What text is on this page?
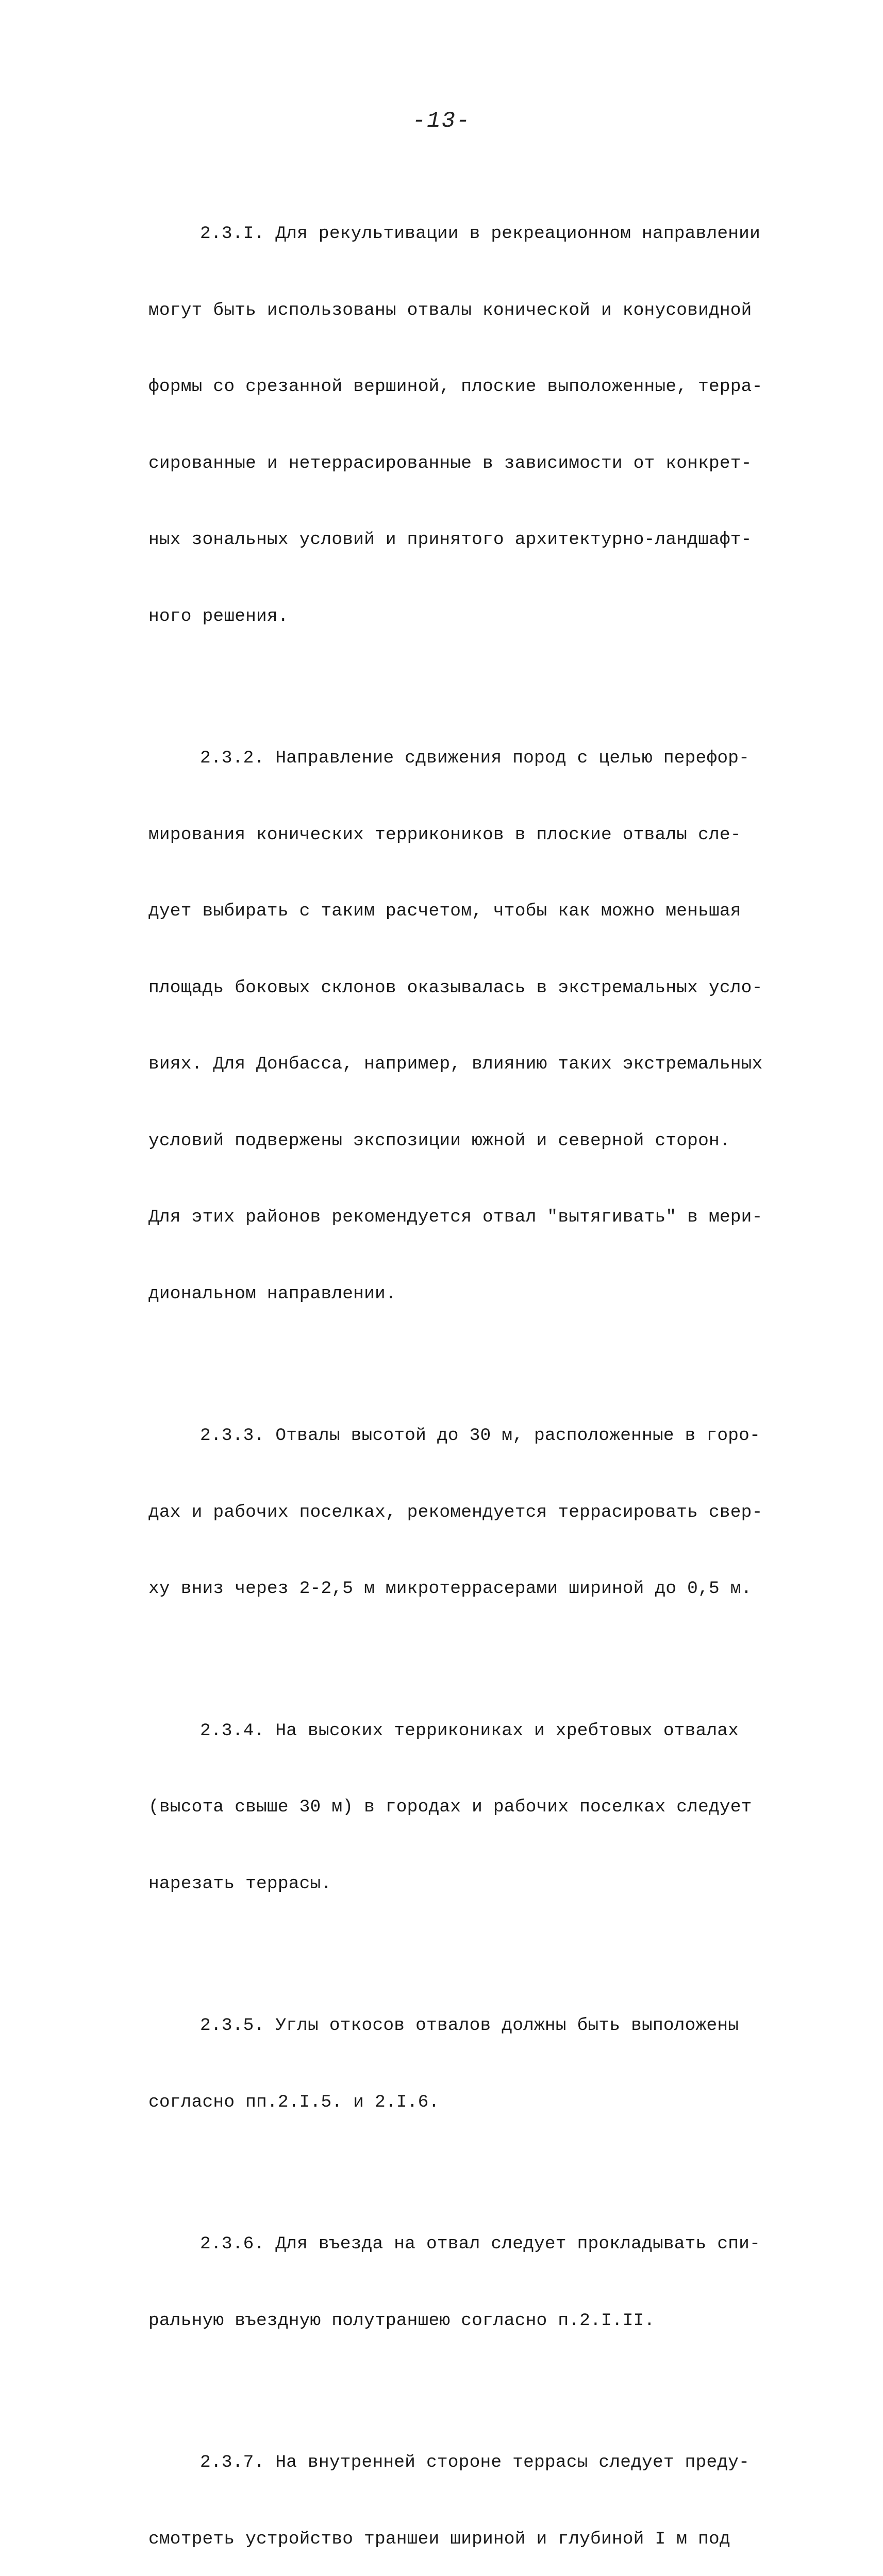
-13-

2.3.I. Для рекультивации в рекреационном направлении

могут быть использованы отвалы конической и конусовидной

формы со срезанной вершиной, плоские выположенные, терра-

сированные и нетеррасированные в зависимости от конкрет-

ных зональных условий и принятого архитектурно-ландшафт-

ного решения.

2.3.2. Направление сдвижения пород с целью перефор-

мирования конических терриконикoв в плоские отвалы сле-

дует выбирать с таким расчетом, чтобы как можно меньшая

площадь боковых склонов оказывалась в экстремальных усло-

виях. Для Донбасса, например, влиянию таких экстремальных

условий подвержены экспозиции южной и северной сторон.

Для этих районов рекомендуется отвал "вытягивать" в мери-

диональном направлении.

2.3.3. Отвалы высотой до 30 м, расположенные в горо-

дах и рабочих поселках, рекомендуется террасировать свер-

ху вниз через 2-2,5 м микротеррасерами шириной до 0,5 м.

2.3.4. На высоких терриконикaх и хребтовых отвалах

(высота свыше 30 м) в городах и рабочих поселках следует

нарезать террасы.

2.3.5. Углы откосов отвалов должны быть выположены

согласно пп.2.I.5. и 2.I.6.

2.3.6. Для въезда на отвал следует прокладывать спи-

ральную въездную полутраншею согласно п.2.I.II.

2.3.7. На внутренней стороне террасы следует преду-

смотреть устройство траншеи шириной и глубиной I м под
